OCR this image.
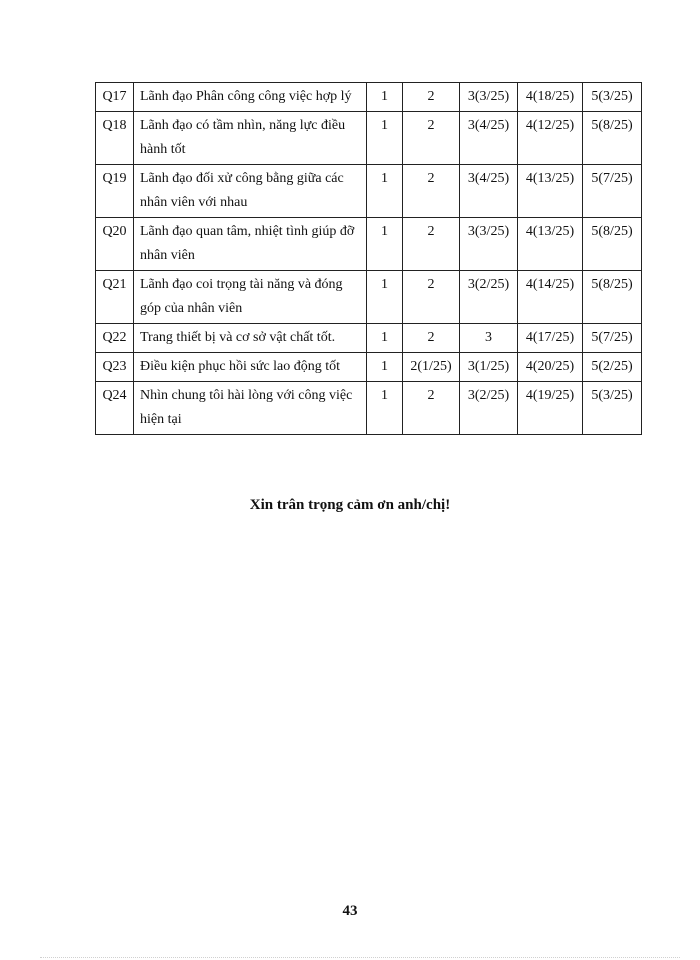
Q17	Lãnh đạo Phân công công việc hợp lý	1	2	3(3/25)	4(18/25)	5(3/25)
Q18	Lãnh đạo có tầm nhìn, năng lực điều hành tốt	1	2	3(4/25)	4(12/25)	5(8/25)
Q19	Lãnh đạo đối xử công bằng giữa các nhân viên với nhau	1	2	3(4/25)	4(13/25)	5(7/25)
Q20	Lãnh đạo quan tâm, nhiệt tình giúp đỡ nhân viên	1	2	3(3/25)	4(13/25)	5(8/25)
Q21	Lãnh đạo coi trọng tài năng và đóng góp của nhân viên	1	2	3(2/25)	4(14/25)	5(8/25)
Q22	Trang thiết bị và cơ sở vật chất tốt.	1	2	3	4(17/25)	5(7/25)
Q23	Điều kiện phục hồi sức lao động tốt	1	2(1/25)	3(1/25)	4(20/25)	5(2/25)
Q24	Nhìn chung tôi hài lòng với công việc hiện tại	1	2	3(2/25)	4(19/25)	5(3/25)
Xin trân trọng cảm ơn anh/chị!
43
